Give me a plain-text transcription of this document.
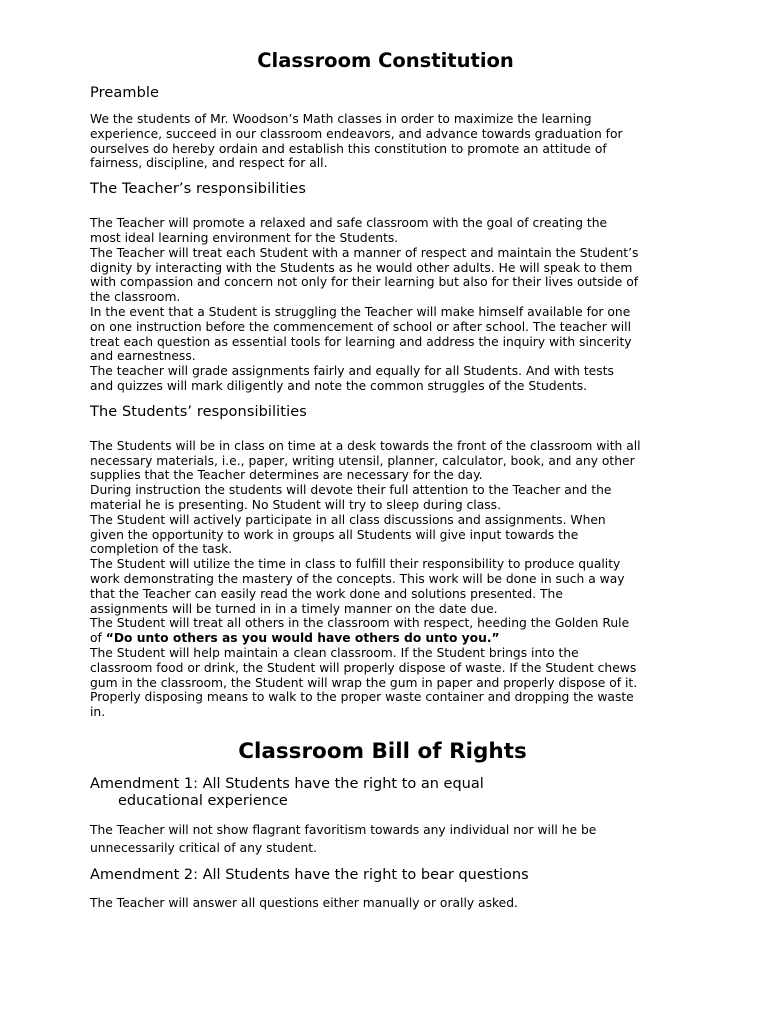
Classroom Constitution
Preamble

We the students of Mr. Woodson’s Math classes in order to maximize the learning
experience, succeed in our classroom endeavors, and advance towards graduation for
ourselves do hereby ordain and establish this constitution to promote an attitude of
fairness, discipline, and respect for all.

The Teacher’s responsibilities

The Teacher will promote a relaxed and safe classroom with the goal of creating the
most ideal learning environment for the Students.
The Teacher will treat each Student with a manner of respect and maintain the Student’s
dignity by interacting with the Students as he would other adults. He will speak to them
with compassion and concern not only for their learning but also for their lives outside of
the classroom.
In the event that a Student is struggling the Teacher will make himself available for one
on one instruction before the commencement of school or after school. The teacher will
treat each question as essential tools for learning and address the inquiry with sincerity
and earnestness.
The teacher will grade assignments fairly and equally for all Students. And with tests
and quizzes will mark diligently and note the common struggles of the Students.

The Students’ responsibilities

The Students will be in class on time at a desk towards the front of the classroom with all
necessary materials, i.e., paper, writing utensil, planner, calculator, book, and any other
supplies that the Teacher determines are necessary for the day.
During instruction the students will devote their full attention to the Teacher and the
material he is presenting. No Student will try to sleep during class.
The Student will actively participate in all class discussions and assignments. When
given the opportunity to work in groups all Students will give input towards the
completion of the task.
The Student will utilize the time in class to fulfill their responsibility to produce quality
work demonstrating the mastery of the concepts. This work will be done in such a way
that the Teacher can easily read the work done and solutions presented. The
assignments will be turned in in a timely manner on the date due.
The Student will treat all others in the classroom with respect, heeding the Golden Rule
of “Do unto others as you would have others do unto you.”
The Student will help maintain a clean classroom. If the Student brings into the
classroom food or drink, the Student will properly dispose of waste. If the Student chews
gum in the classroom, the Student will wrap the gum in paper and properly dispose of it.
Properly disposing means to walk to the proper waste container and dropping the waste
in.

Classroom Bill of Rights
Amendment 1: All Students have the right to an equal
educational experience

The Teacher will not show flagrant favoritism towards any individual nor will he be
unnecessarily critical of any student.

Amendment 2: All Students have the right to bear questions

The Teacher will answer all questions either manually or orally asked.
